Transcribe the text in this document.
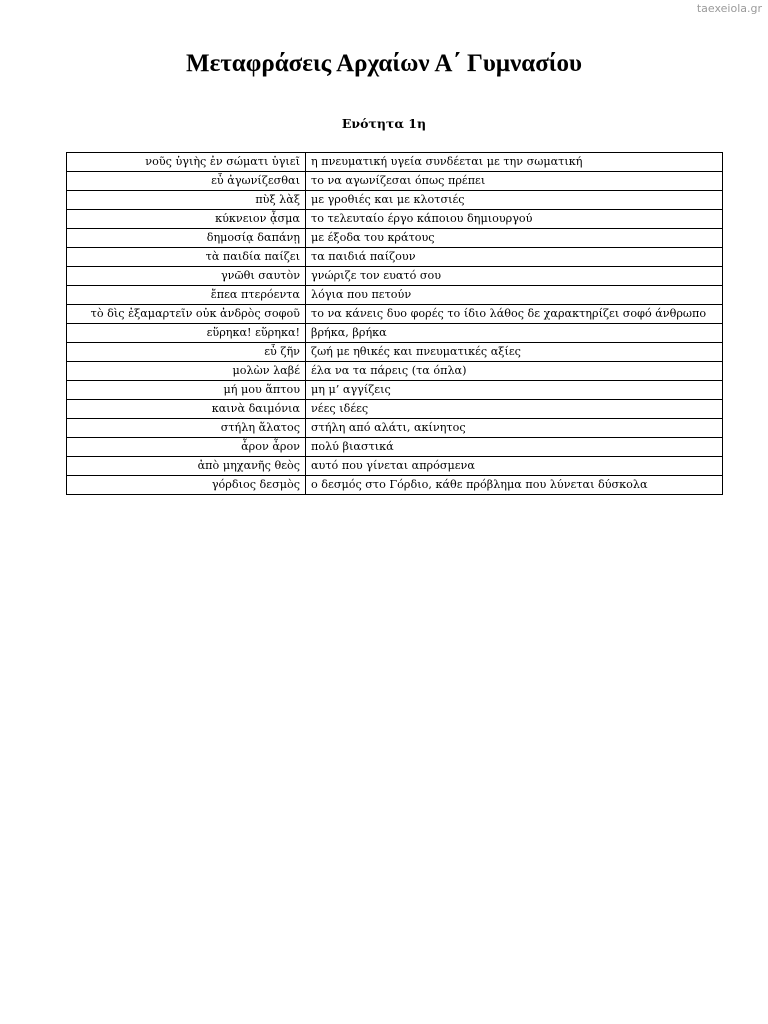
taexeiola.gr
Μεταφράσεις Αρχαίων Α΄ Γυμνασίου
Ενότητα 1η
νοῦς ὑγιὴς ἐν σώματι ὑγιεῖ	η πνευματική υγεία συνδέεται με την σωματική
εὖ ἀγωνίζεσθαι	το να αγωνίζεσαι όπως πρέπει
πὺξ λὰξ	με γροθιές και με κλοτσιές
κύκνειον ᾆσμα	το τελευταίο έργο κάποιου δημιουργού
δημοσίᾳ δαπάνῃ	με έξοδα του κράτους
τὰ παιδία παίζει	τα παιδιά παίζουν
γνῶθι σαυτὸν	γνώριζε τον ευατό σου
ἔπεα πτερόεντα	λόγια που πετούν
τὸ δὶς ἐξαμαρτεῖν οὐκ ἀνδρὸς σοφοῦ	το να κάνεις δυο φορές το ίδιο λάθος δε χαρακτηρίζει σοφό άνθρωπο
εὕρηκα! εὕρηκα!	βρήκα, βρήκα
εὖ ζῆν	ζωή με ηθικές και πνευματικές αξίες
μολὼν λαβέ	έλα να τα πάρεις (τα όπλα)
μή μου ἅπτου	μη μ’ αγγίζεις
καινὰ δαιμόνια	νέες ιδέες
στήλη ἅλατος	στήλη από αλάτι, ακίνητος
ἆρον ἆρον	πολύ βιαστικά
ἀπὸ μηχανῆς θεὸς	αυτό που γίνεται απρόσμενα
γόρδιος δεσμὸς	ο δεσμός στο Γόρδιο, κάθε πρόβλημα που λύνεται δύσκολα
